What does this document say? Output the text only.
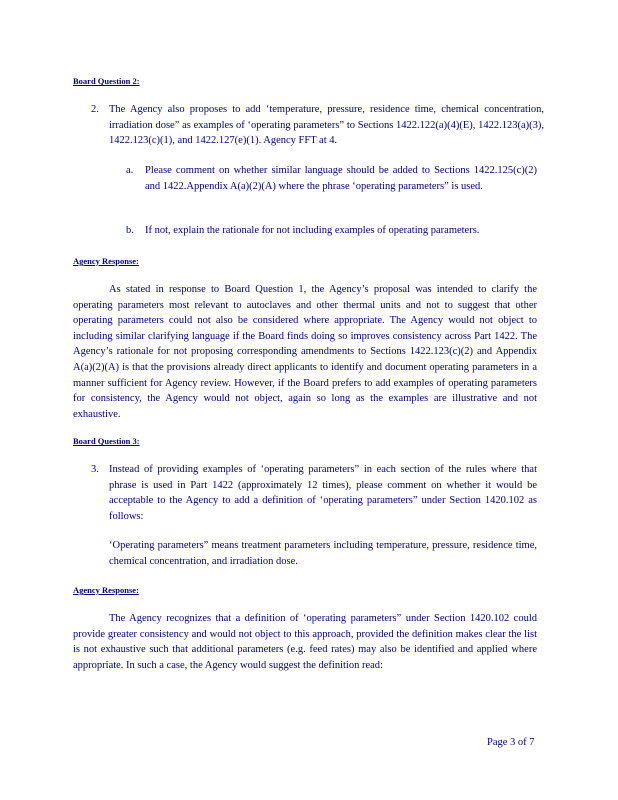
Board Question 2:
2. The Agency also proposes to add ‘temperature, pressure, residence time, chemical concentration, irradiation dose” as examples of ‘operating parameters” to Sections 1422.122(a)(4)(E), 1422.123(a)(3), 1422.123(c)(1), and 1422.127(e)(1). Agency FFT at 4.
a. Please comment on whether similar language should be added to Sections 1422.125(c)(2) and 1422.Appendix A(a)(2)(A) where the phrase ‘operating parameters” is used.
b. If not, explain the rationale for not including examples of operating parameters.
Agency Response:
As stated in response to Board Question 1, the Agency’s proposal was intended to clarify the operating parameters most relevant to autoclaves and other thermal units and not to suggest that other operating parameters could not also be considered where appropriate. The Agency would not object to including similar clarifying language if the Board finds doing so improves consistency across Part 1422. The Agency’s rationale for not proposing corresponding amendments to Sections 1422.123(c)(2) and Appendix A(a)(2)(A) is that the provisions already direct applicants to identify and document operating parameters in a manner sufficient for Agency review. However, if the Board prefers to add examples of operating parameters for consistency, the Agency would not object, again so long as the examples are illustrative and not exhaustive.
Board Question 3:
3. Instead of providing examples of ‘operating parameters” in each section of the rules where that phrase is used in Part 1422 (approximately 12 times), please comment on whether it would be acceptable to the Agency to add a definition of ‘operating parameters” under Section 1420.102 as follows:
‘Operating parameters” means treatment parameters including temperature, pressure, residence time, chemical concentration, and irradiation dose.
Agency Response:
The Agency recognizes that a definition of ‘operating parameters” under Section 1420.102 could provide greater consistency and would not object to this approach, provided the definition makes clear the list is not exhaustive such that additional parameters (e.g. feed rates) may also be identified and applied where appropriate. In such a case, the Agency would suggest the definition read:
Page 3 of 7
